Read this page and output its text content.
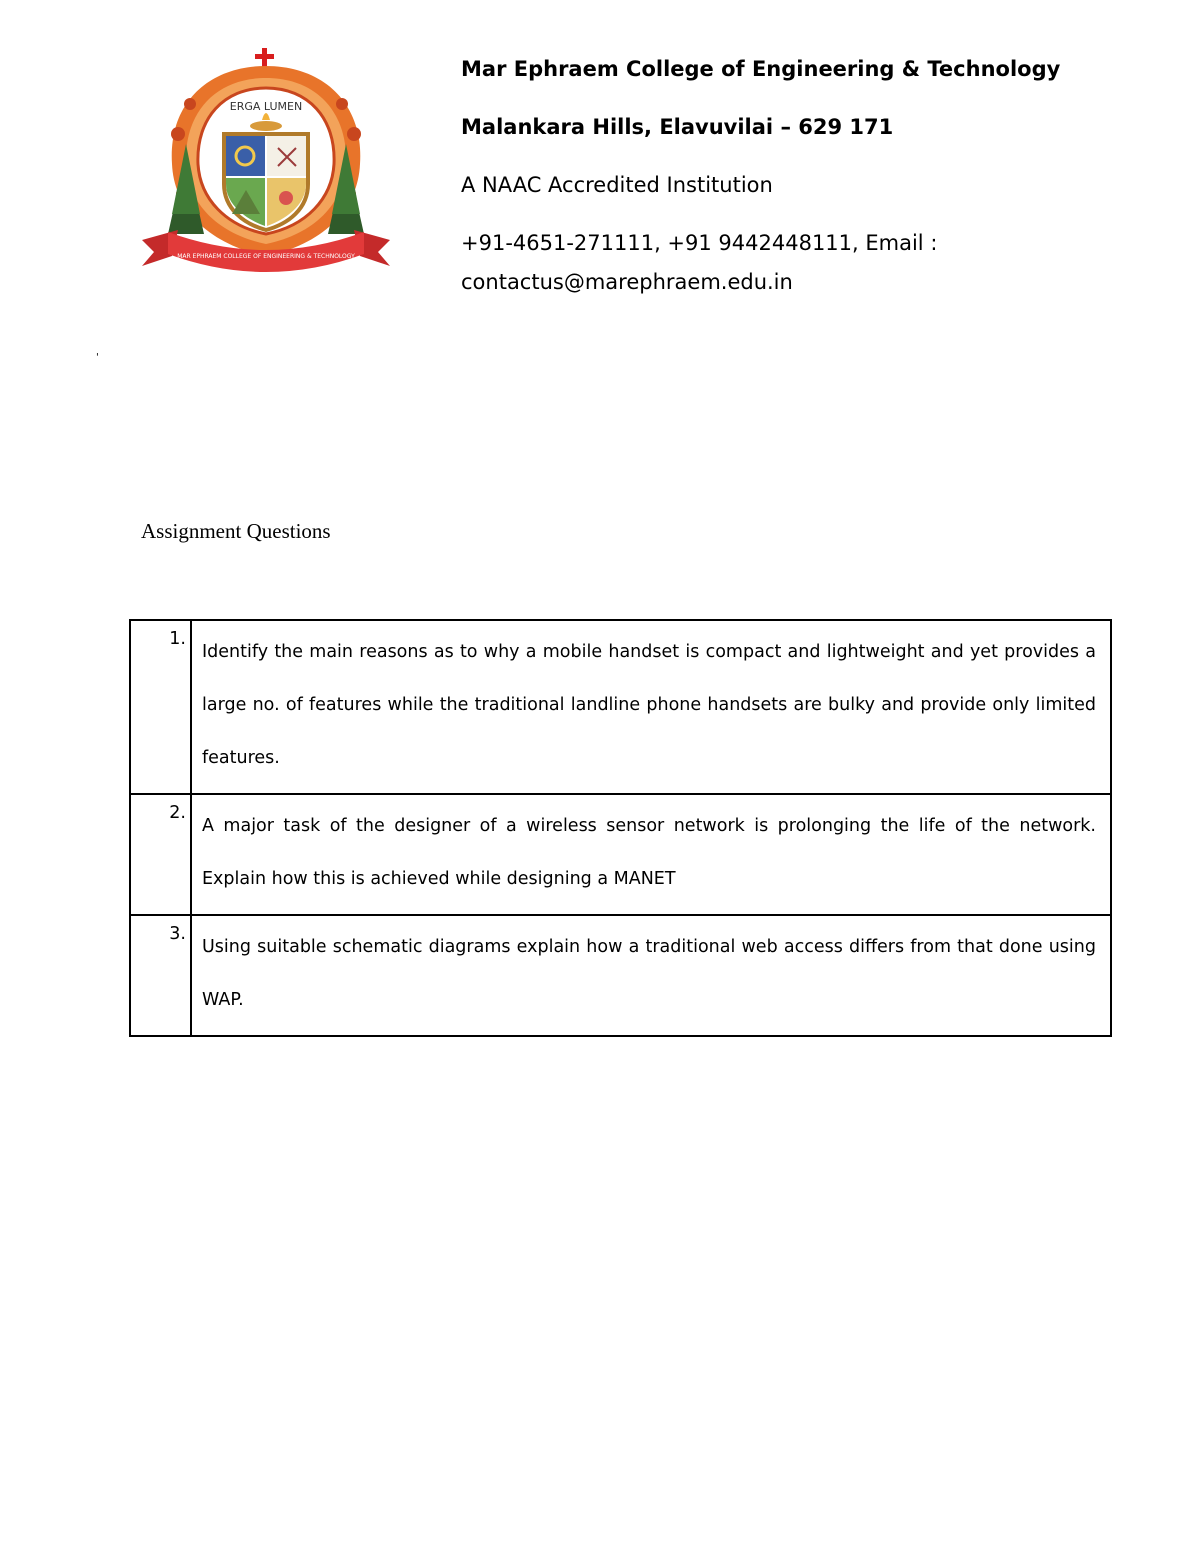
ERGA LUMEN
MAR EPHRAEM COLLEGE OF ENGINEERING & TECHNOLOGY
Mar Ephraem College of Engineering & Technology
Malankara Hills, Elavuvilai – 629 171
A NAAC Accredited Institution
+91-4651-271111, +91 9442448111, Email :
contactus@marephraem.edu.in
'
Assignment Questions
1.	Identify the main reasons as to why a mobile handset is compact and lightweight and yet provides a large no. of features while the traditional landline phone handsets are bulky and provide only limited features.
2.	A major task of the designer of a wireless sensor network is prolonging the life of the network. Explain how this is achieved while designing a MANET
3.	Using suitable schematic diagrams explain how a traditional web access differs from that done using WAP.
